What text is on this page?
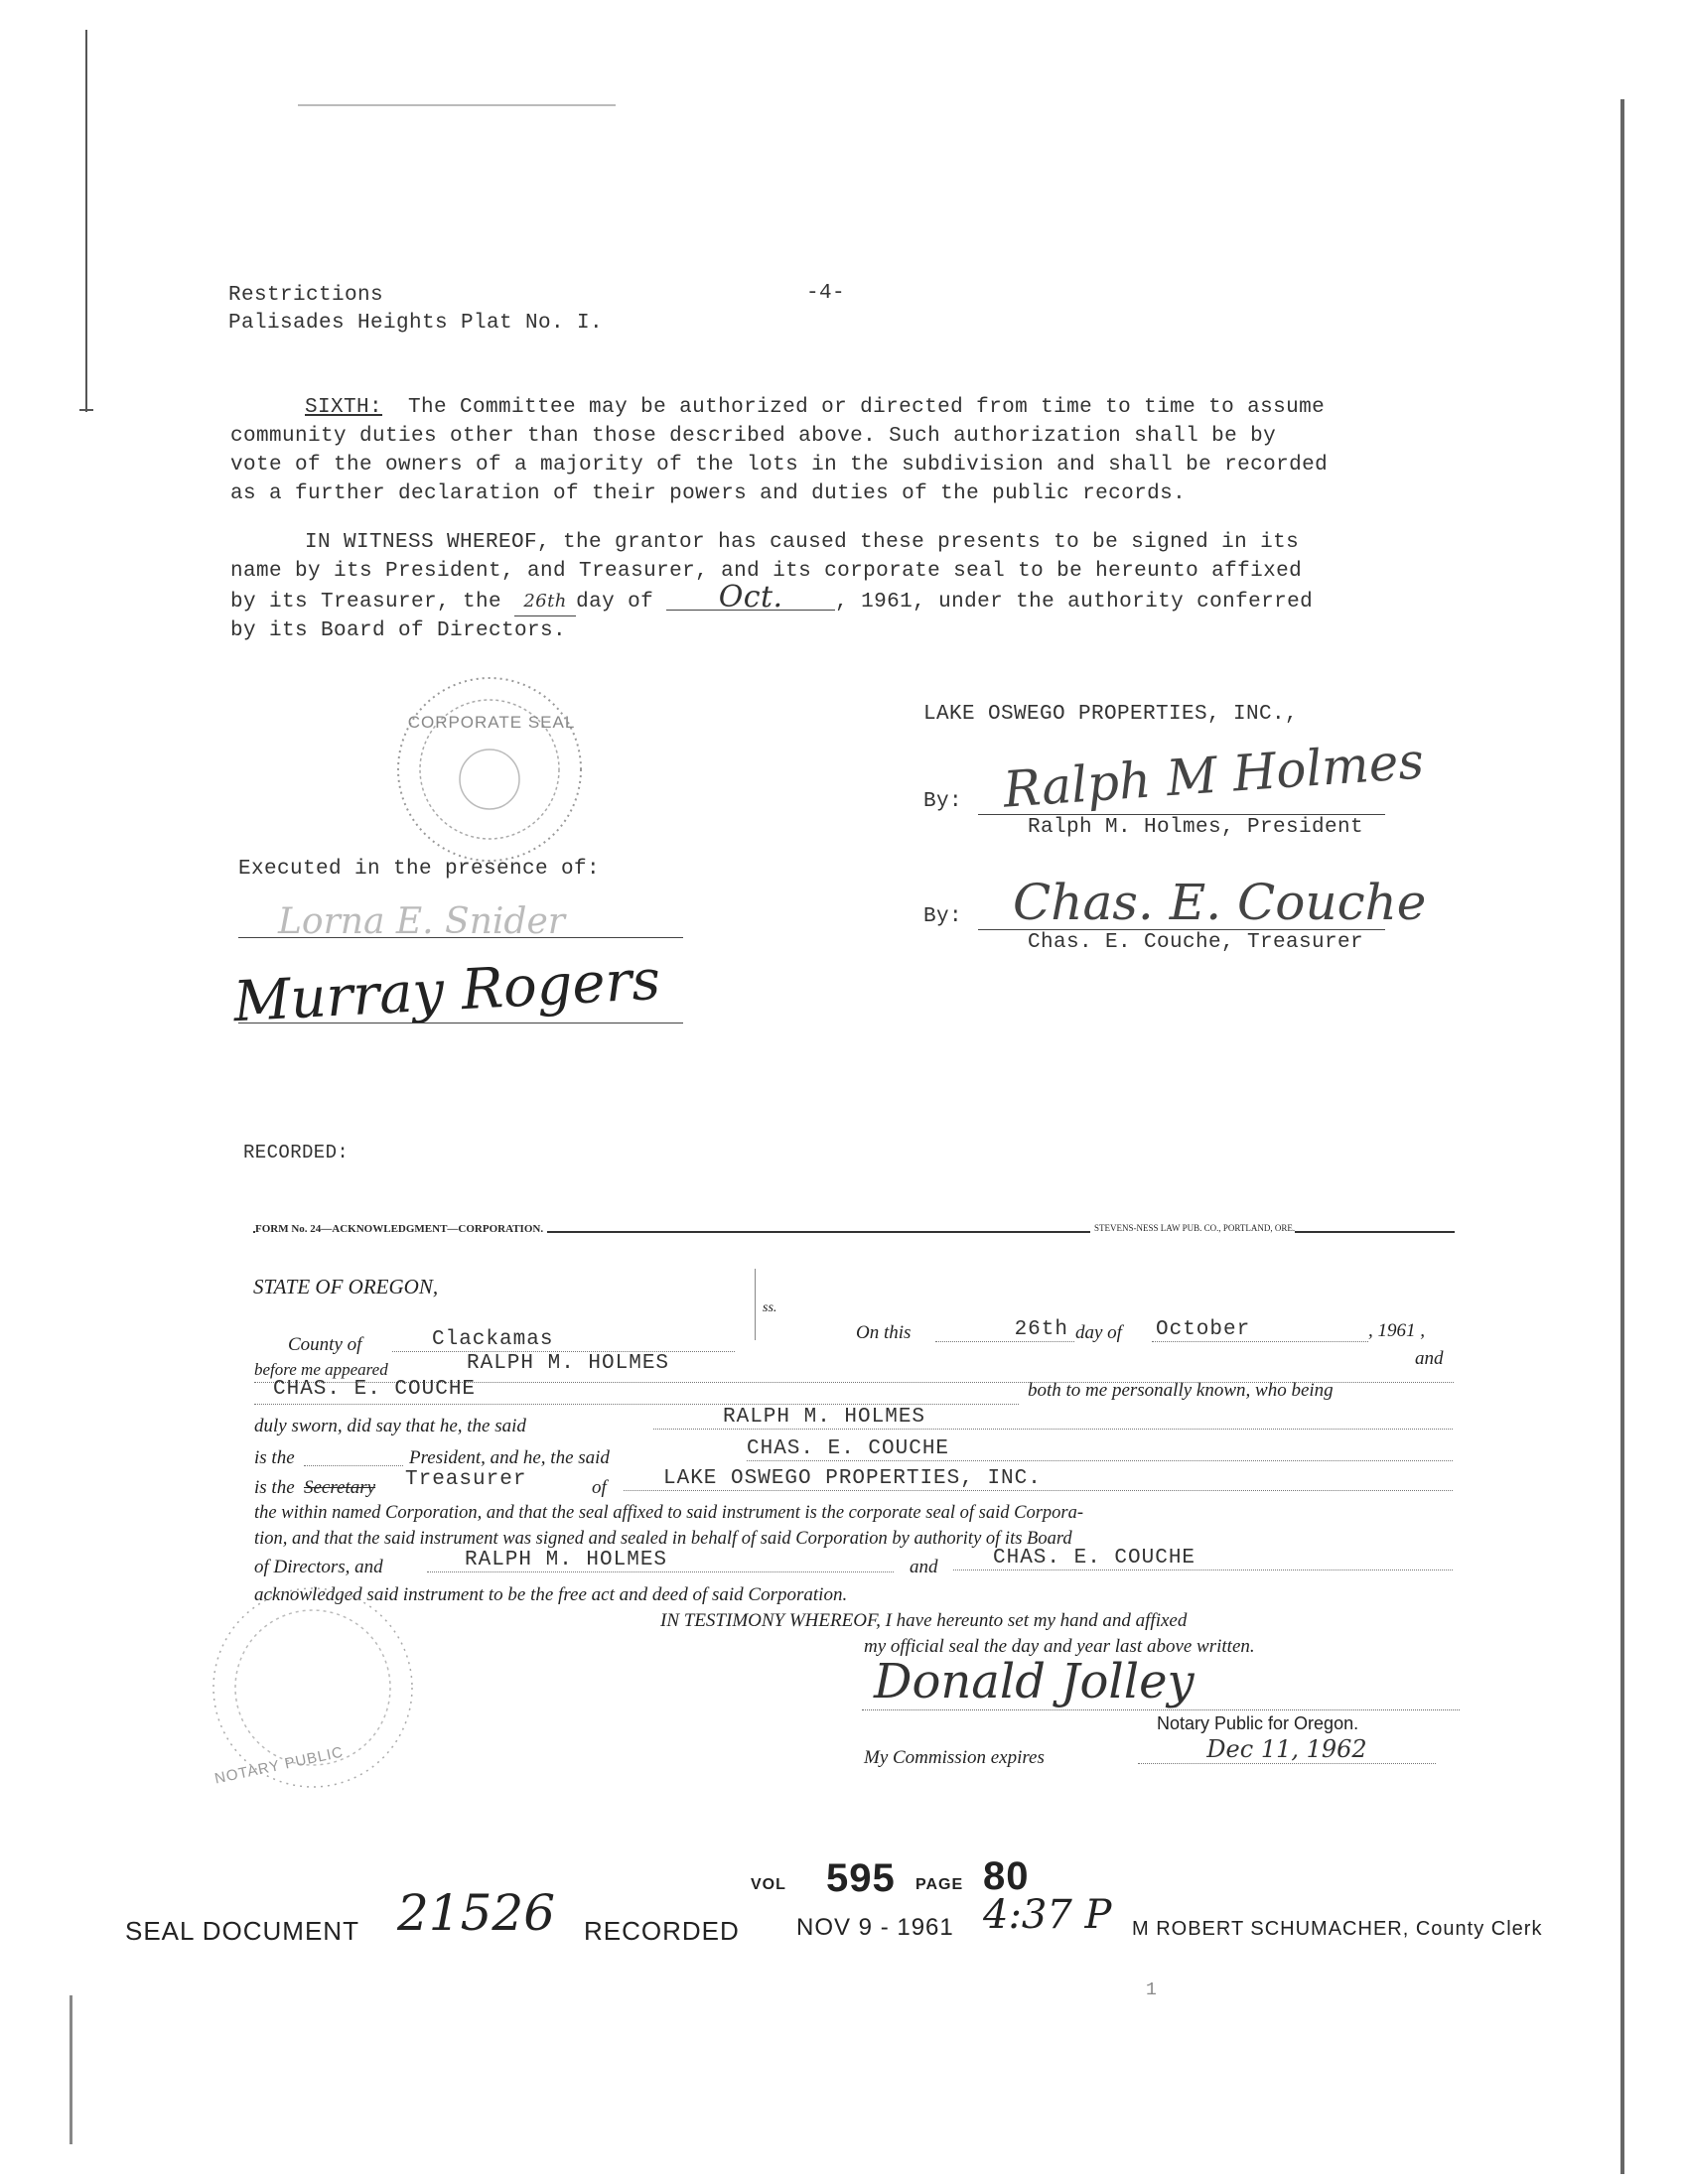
Restrictions
Palisades Heights Plat No. I.
-4-
SIXTH: The Committee may be authorized or directed from time to time to assume
community duties other than those described above. Such authorization shall be by
vote of the owners of a majority of the lots in the subdivision and shall be recorded
as a further declaration of their powers and duties of the public records.
IN WITNESS WHEREOF, the grantor has caused these presents to be signed in its
name by its President, and Treasurer, and its corporate seal to be hereunto affixed
by its Treasurer, the 26th day of Oct.	, 1961, under the authority conferred
by its Board of Directors.
CORPORATE SEAL	LAKE OSWEGO PROPERTIES, INC.,
By: Ralph M Holmes
Ralph M. Holmes, President
By: Chas. E. Couche
Chas. E. Couche, Treasurer
Executed in the presence of:
Lorna E. Snider
Murray Rogers
RECORDED:
FORM No. 24—ACKNOWLEDGMENT—CORPORATION.	STEVENS-NESS LAW PUB. CO., PORTLAND, ORE.
STATE OF OREGON,
ss.
County of	Clackamas	On this	26th day of October	, 1961 ,
before me appeared	RALPH M. HOLMES	and
CHAS. E. COUCHE	both to me personally known, who being
duly sworn, did say that he, the said	RALPH M. HOLMES
is the	President, and he, the said	CHAS. E. COUCHE
is the Secretary Treasurer	of	LAKE OSWEGO PROPERTIES, INC.
the within named Corporation, and that the seal affixed to said instrument is the corporate seal of said Corpora-
tion, and that the said instrument was signed and sealed in behalf of said Corporation by authority of its Board
of Directors, and	RALPH M. HOLMES	and	CHAS. E. COUCHE
acknowledged said instrument to be the free act and deed of said Corporation.
IN TESTIMONY WHEREOF, I have hereunto set my hand and affixed
my official seal the day and year last above written.
Donald Jolley
Notary Public for Oregon.
My Commission expires	Dec 11, 1962
NOTARY PUBLIC
VOL 595 PAGE 80
SEAL DOCUMENT 21526 RECORDED NOV 9 - 1961 4:37 P M ROBERT SCHUMACHER, County Clerk
1
